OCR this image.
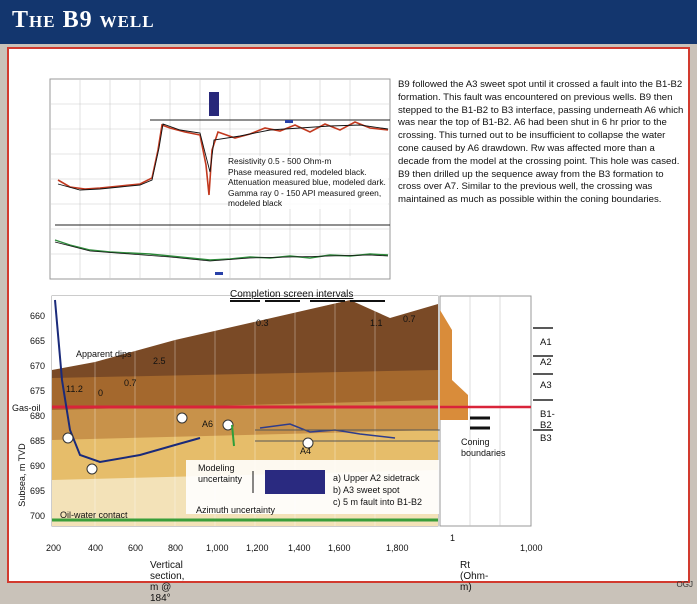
The B9 well

B9 followed the A3 sweet spot until it crossed a fault into the B1-B2 formation. This fault was encountered on previous wells. B9 then stepped to the B1-B2 to B3 interface, passing underneath A6 which was near the top of B1-B2. A6 had been shut in 6 hr prior to the crossing. This turned out to be insufficient to collapse the water cone caused by A6 drawdown. Rw was affected more than a decade from the model at the crossing point. This hole was cased. B9 then drilled up the sequence away from the B3 formation to cross over A7. Similar to the previous well, the crossing was maintained as much as possible within the coning boundaries.

Resistivity 0.5 - 500 Ohm-m
Phase measured red, modeled black.
Attenuation measured blue, modeled dark.
Gamma ray 0 - 150 API measured green, modeled black
Completion screen intervals
A1
A2
A3
B1-B2
B3
0.3	1.1 0.7
2.5
0.7
11.2 0
Apparent dips
Gas-oil
Oil-water contact
Coning
boundaries
Modeling
uncertainty
Azimuth uncertainty
a) Upper A2 sidetrack
b) A3 sweet spot
c) 5 m fault into B1-B2
A6
A4
660
665
670
675
680
685
690
695
700
Subsea, m TVD
200	400	600	800	1,000 1,200 1,400 1,600	1,800
Vertical section, m @ 184°
1
1,000
Rt (Ohm-m)	OGJ
